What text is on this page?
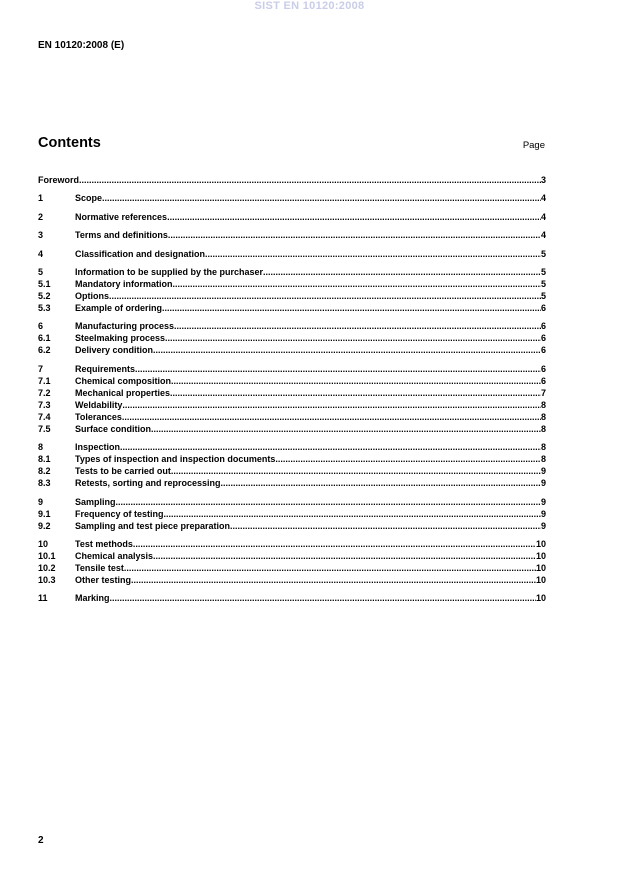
SIST EN 10120:2008
EN 10120:2008 (E)
Contents	Page
Foreword .....	3
1	Scope .....	4
2	Normative references .....	4
3	Terms and definitions .....	4
4	Classification and designation .....	5
5	Information to be supplied by the purchaser .....	5
5.1	Mandatory information .....	5
5.2	Options .....	5
5.3	Example of ordering .....	6
6	Manufacturing process .....	6
6.1	Steelmaking process .....	6
6.2	Delivery condition .....	6
7	Requirements .....	6
7.1	Chemical composition .....	6
7.2	Mechanical properties .....	7
7.3	Weldability .....	8
7.4	Tolerances .....	8
7.5	Surface condition .....	8
8	Inspection .....	8
8.1	Types of inspection and inspection documents .....	8
8.2	Tests to be carried out .....	9
8.3	Retests, sorting and reprocessing .....	9
9	Sampling .....	9
9.1	Frequency of testing .....	9
9.2	Sampling and test piece preparation .....	9
10	Test methods .....	10
10.1 Chemical analysis .....	10
10.2 Tensile test .....	10
10.3 Other testing .....	10
11	Marking .....	10
2
